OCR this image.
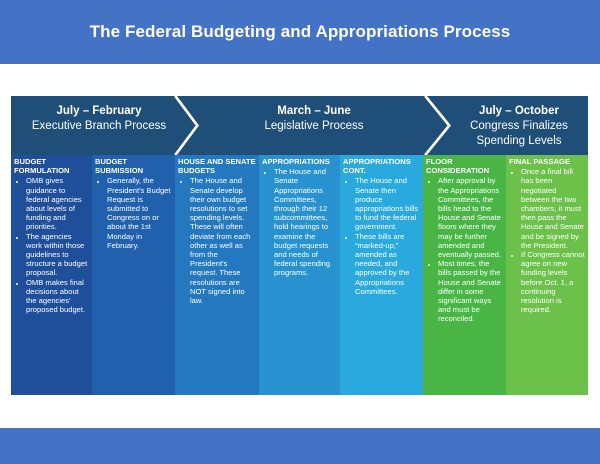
The Federal Budgeting and Appropriations Process
July – February
Executive Branch Process
March – June
Legislative Process
July – October
Congress Finalizes Spending Levels
BUDGET FORMULATION
• OMB gives guidance to federal agencies about levels of funding and priorities.
• The agencies work within those guidelines to structure a budget proposal.
• OMB makes final decisions about the agencies' proposed budget.
BUDGET SUBMISSION
• Generally, the President's Budget Request is submitted to Congress on or about the 1st Monday in February.
HOUSE AND SENATE BUDGETS
• The House and Senate develop their own budget resolutions to set spending levels. These will often deviate from each other as well as from the President's request. These resolutions are NOT signed into law.
APPROPRIATIONS
• The House and Senate Appropriations Committees, through their 12 subcommittees, hold hearings to examine the budget requests and needs of federal spending programs.
APPROPRIATIONS CONT.
• The House and Senate then produce appropriations bills to fund the federal government.
• These bills are “marked-up,” amended as needed, and approved by the Appropriations Committees.
FLOOR CONSIDERATION
• After approval by the Appropriations Committees, the bills head to the House and Senate floors where they may be further amended and eventually passed.
• Most times, the bills passed by the House and Senate differ in some significant ways and must be reconciled.
FINAL PASSAGE
• Once a final bill has been negotiated between the two chambers, it must then pass the House and Senate and be signed by the President.
• If Congress cannot agree on new funding levels before Oct. 1, a continuing resolution is required.
